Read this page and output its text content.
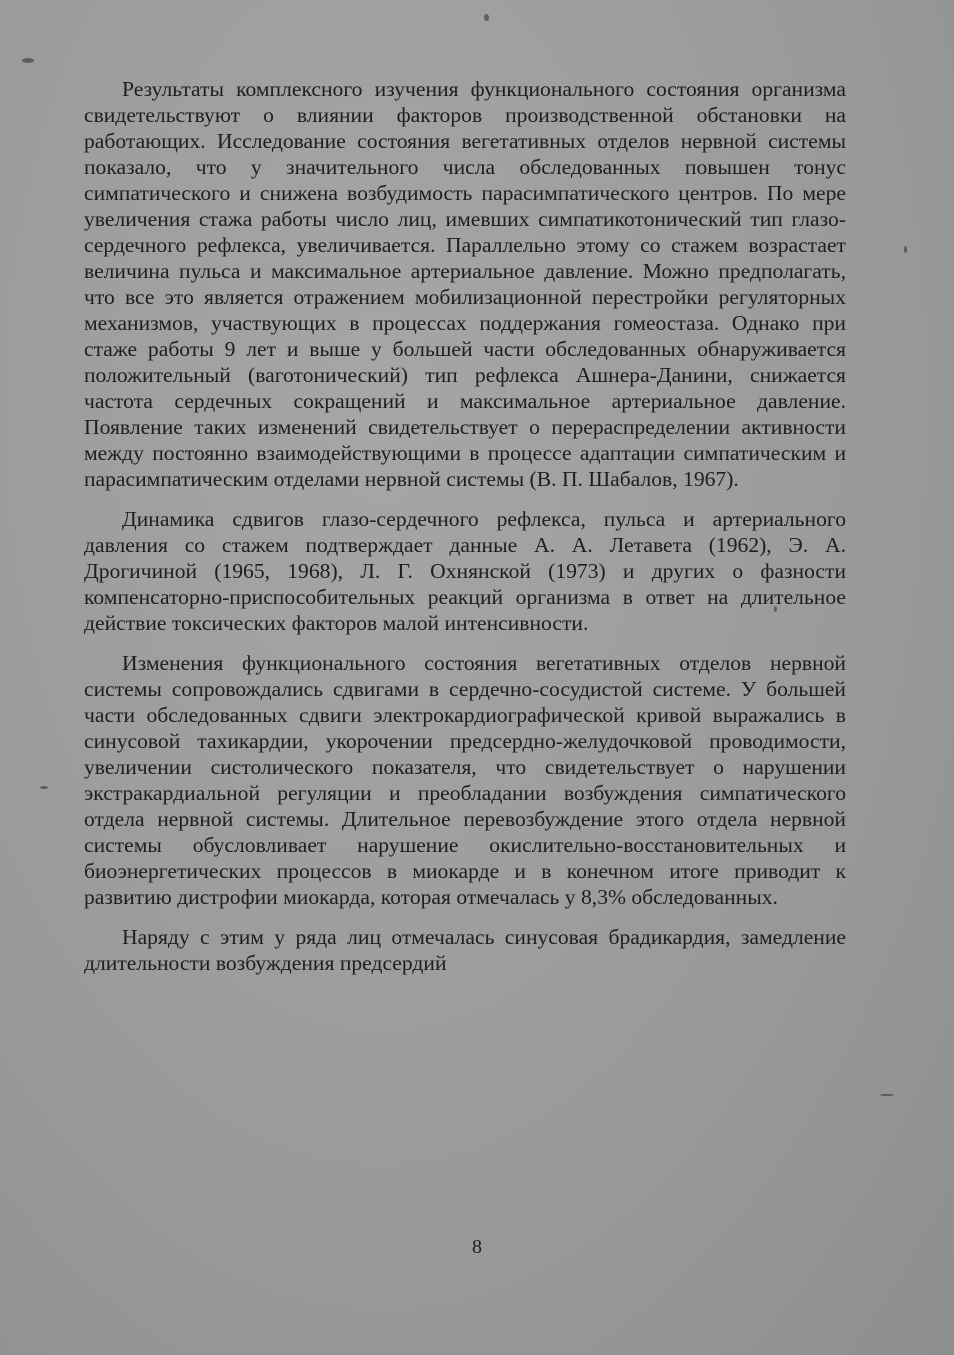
Результаты комплексного изучения функционального состояния организма свидетельствуют о влиянии факторов производственной обстановки на работающих. Исследование состояния вегетативных отделов нервной системы показало, что у значительного числа обследованных повышен тонус симпатического и снижена возбудимость парасимпатического центров. По мере увеличения стажа работы число лиц, имевших симпатикотонический тип глазо-сердечного рефлекса, увеличивается. Параллельно этому со стажем возрастает величина пульса и максимальное артериальное давление. Можно предполагать, что все это является отражением мобилизационной перестройки регуляторных механизмов, участвующих в процессах поддержания гомеостаза. Однако при стаже работы 9 лет и выше у большей части обследованных обнаруживается положительный (ваготонический) тип рефлекса Ашнера-Данини, снижается частота сердечных сокращений и максимальное артериальное давление. Появление таких изменений свидетельствует о перераспределении активности между постоянно взаимодействующими в процессе адаптации симпатическим и парасимпатическим отделами нервной системы (В. П. Шабалов, 1967).

Динамика сдвигов глазо-сердечного рефлекса, пульса и артериального давления со стажем подтверждает данные А. А. Летавета (1962), Э. А. Дрогичиной (1965, 1968), Л. Г. Охнянской (1973) и других о фазности компенсаторно-приспособительных реакций организма в ответ на длительное действие токсических факторов малой интенсивности.

Изменения функционального состояния вегетативных отделов нервной системы сопровождались сдвигами в сердечно-сосудистой системе. У большей части обследованных сдвиги электрокардиографической кривой выражались в синусовой тахикардии, укорочении предсердно-желудочковой проводимости, увеличении систолического показателя, что свидетельствует о нарушении экстракардиальной регуляции и преобладании возбуждения симпатического отдела нервной системы. Длительное перевозбуждение этого отдела нервной системы обусловливает нарушение окислительно-восстановительных и биоэнергетических процессов в миокарде и в конечном итоге приводит к развитию дистрофии миокарда, которая отмечалась у 8,3% обследованных.

Наряду с этим у ряда лиц отмечалась синусовая брадикардия, замедление длительности возбуждения предсердий

8
